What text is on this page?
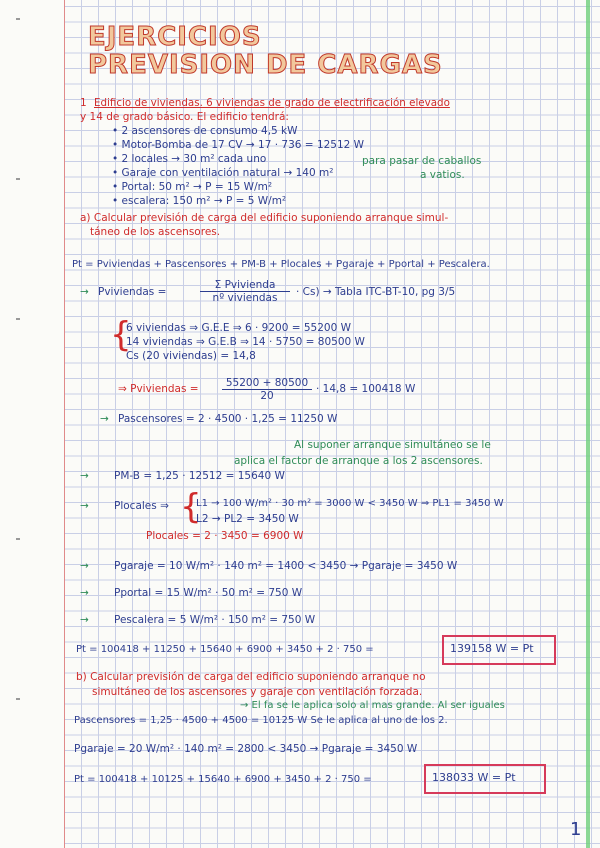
EJERCICIOS
PREVISION DE CARGAS
1 Edificio de viviendas. 6 viviendas de grado de electrificación elevado
y 14 de grado básico. El edificio tendrá:
• 2 ascensores de consumo 4,5 kW
• Motor-Bomba de 17 CV → 17 · 736 = 12512 W
• 2 locales → 30 m² cada uno	para pasar de caballos
• Garaje con ventilación natural → 140 m²	a vatios.
• Portal: 50 m² → P = 15 W/m²
• escalera: 150 m² → P = 5 W/m²
a) Calcular previsión de carga del edificio suponiendo arranque simul-
táneo de los ascensores.
Pt = Pviviendas + Pascensores + PM-B + Plocales + Pgaraje + Pportal + Pescalera.
→ Pviviendas =
Σ Pvivienda
nº viviendas	· Cs) → Tabla ITC-BT-10, pg 3/5
{
6 viviendas ⇒ G.E.E ⇒ 6 · 9200 = 55200 W
14 viviendas ⇒ G.E.B ⇒ 14 · 5750 = 80500 W
Cs (20 viviendas) = 14,8
⇒ Pviviendas = $\frac{55200 + 80500}{20} \cdot 14,8 = 100418$ W
→ Pascensores = 2 · 4500 · 1,25 = 11250 W
Al suponer arranque simultáneo se le
aplica el factor de arranque a los 2 ascensores.
→ PM-B = 1,25 · 12512 = 15640 W
→ Plocales ⇒ {
L1 → 100 W/m² · 30 m² = 3000 W < 3450 W ⇒ PL1 = 3450 W
L2 → PL2 = 3450 W
Plocales = 2 · 3450 = 6900 W
→ Pgaraje = 10 W/m² · 140 m² = 1400 < 3450 → Pgaraje = 3450 W
→ Pportal = 15 W/m² · 50 m² = 750 W
→ Pescalera = 5 W/m² · 150 m² = 750 W
Pt = 100418 + 11250 + 15640 + 6900 + 3450 + 2 · 750 =	139158 W = Pt
b) Calcular previsión de carga del edificio suponiendo arranque no
simultáneo de los ascensores y garaje con ventilación forzada.
→ El fa se le aplica solo al mas grande. Al ser iguales
Pascensores = 1,25 · 4500 + 4500 = 10125 W Se le aplica al uno de los 2.
Pgaraje = 20 W/m² · 140 m² = 2800 < 3450 → Pgaraje = 3450 W
Pt = 100418 + 10125 + 15640 + 6900 + 3450 + 2 · 750 =	138033 W = Pt
1
